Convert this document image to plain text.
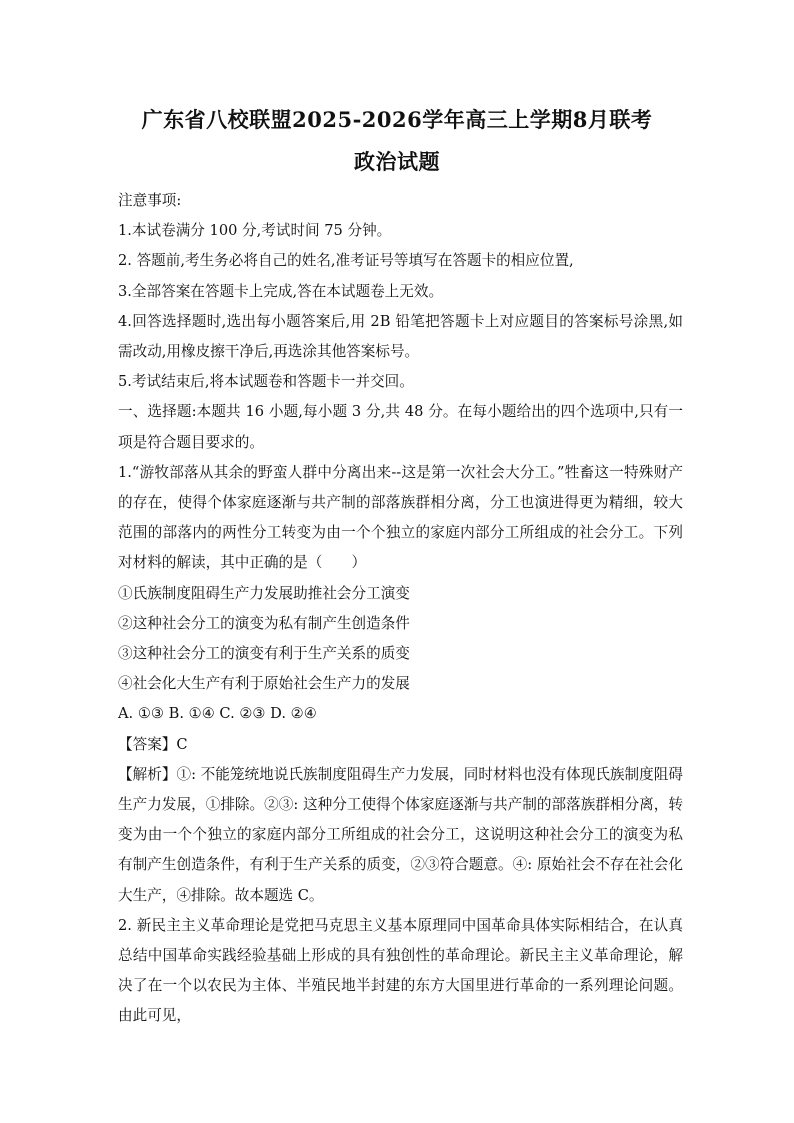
广东省八校联盟2025-2026学年高三上学期8月联考
政治试题

注意事项:

1.本试卷满分 100 分,考试时间 75 分钟。

2. 答题前,考生务必将自己的姓名,准考证号等填写在答题卡的相应位置,

3.全部答案在答题卡上完成,答在本试题卷上无效。

4.回答选择题时,选出每小题答案后,用 2B 铅笔把答题卡上对应题目的答案标号涂黑,如需改动,用橡皮擦干净后,再选涂其他答案标号。

5.考试结束后,将本试题卷和答题卡一并交回。

一、选择题:本题共 16 小题,每小题 3 分,共 48 分。在每小题给出的四个选项中,只有一项是符合题目要求的。

1.“游牧部落从其余的野蛮人群中分离出来--这是第一次社会大分工。”牲畜这一特殊财产的存在，使得个体家庭逐渐与共产制的部落族群相分离，分工也演进得更为精细，较大范围的部落内的两性分工转变为由一个个独立的家庭内部分工所组成的社会分工。下列对材料的解读，其中正确的是（　　）

①氏族制度阻碍生产力发展助推社会分工演变

②这种社会分工的演变为私有制产生创造条件

③这种社会分工的演变有利于生产关系的质变

④社会化大生产有利于原始社会生产力的发展

A. ①③ B. ①④ C. ②③ D. ②④

【答案】C

【解析】①: 不能笼统地说氏族制度阻碍生产力发展，同时材料也没有体现氏族制度阻碍生产力发展，①排除。②③: 这种分工使得个体家庭逐渐与共产制的部落族群相分离，转变为由一个个独立的家庭内部分工所组成的社会分工，这说明这种社会分工的演变为私有制产生创造条件，有利于生产关系的质变，②③符合题意。④: 原始社会不存在社会化大生产，④排除。故本题选 C。

2. 新民主主义革命理论是党把马克思主义基本原理同中国革命具体实际相结合，在认真总结中国革命实践经验基础上形成的具有独创性的革命理论。新民主主义革命理论，解决了在一个以农民为主体、半殖民地半封建的东方大国里进行革命的一系列理论问题。由此可见，
